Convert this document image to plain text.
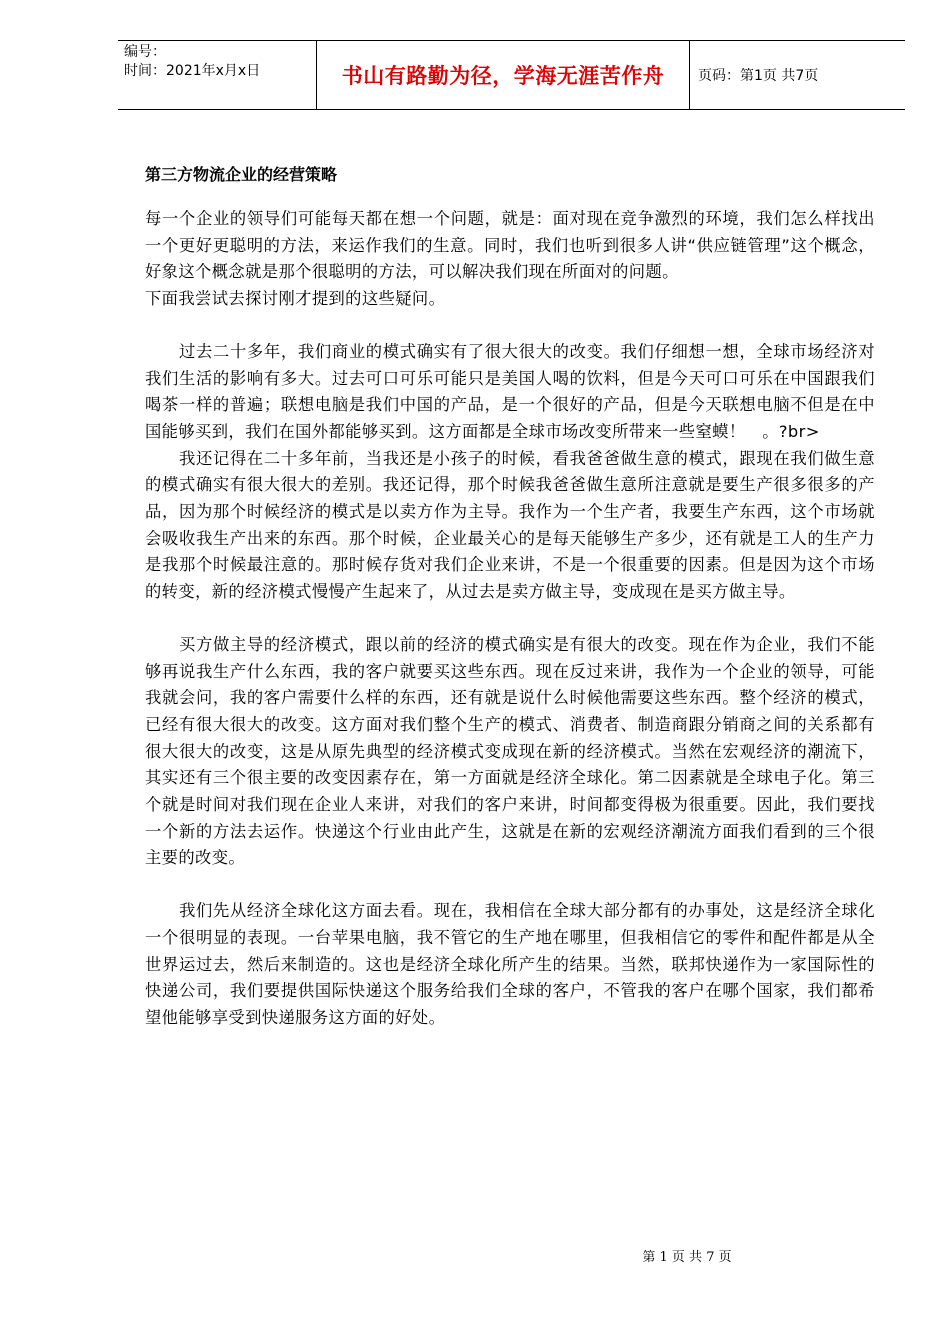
编号：
时间：2021年x月x日	书山有路勤为径，学海无涯苦作舟	页码：第1页 共7页
第三方物流企业的经营策略

每一个企业的领导们可能每天都在想一个问题，就是：面对现在竞争激烈的环境，我们怎么样找出一个更好更聪明的方法，来运作我们的生意。同时，我们也听到很多人讲“供应链管理”这个概念，好象这个概念就是那个很聪明的方法，可以解决我们现在所面对的问题。

下面我尝试去探讨刚才提到的这些疑问。

过去二十多年，我们商业的模式确实有了很大很大的改变。我们仔细想一想，全球市场经济对我们生活的影响有多大。过去可口可乐可能只是美国人喝的饮料，但是今天可口可乐在中国跟我们喝茶一样的普遍；联想电脑是我们中国的产品，是一个很好的产品，但是今天联想电脑不但是在中国能够买到，我们在国外都能够买到。这方面都是全球市场改变所带来一些窒蟆！　。?br>

我还记得在二十多年前，当我还是小孩子的时候，看我爸爸做生意的模式，跟现在我们做生意的模式确实有很大很大的差别。我还记得，那个时候我爸爸做生意所注意就是要生产很多很多的产品，因为那个时候经济的模式是以卖方作为主导。我作为一个生产者，我要生产东西，这个市场就会吸收我生产出来的东西。那个时候，企业最关心的是每天能够生产多少，还有就是工人的生产力是我那个时候最注意的。那时候存货对我们企业来讲，不是一个很重要的因素。但是因为这个市场的转变，新的经济模式慢慢产生起来了，从过去是卖方做主导，变成现在是买方做主导。

买方做主导的经济模式，跟以前的经济的模式确实是有很大的改变。现在作为企业，我们不能够再说我生产什么东西，我的客户就要买这些东西。现在反过来讲，我作为一个企业的领导，可能我就会问，我的客户需要什么样的东西，还有就是说什么时候他需要这些东西。整个经济的模式，已经有很大很大的改变。这方面对我们整个生产的模式、消费者、制造商跟分销商之间的关系都有很大很大的改变，这是从原先典型的经济模式变成现在新的经济模式。当然在宏观经济的潮流下，其实还有三个很主要的改变因素存在，第一方面就是经济全球化。第二因素就是全球电子化。第三个就是时间对我们现在企业人来讲，对我们的客户来讲，时间都变得极为很重要。因此，我们要找一个新的方法去运作。快递这个行业由此产生，这就是在新的宏观经济潮流方面我们看到的三个很主要的改变。

我们先从经济全球化这方面去看。现在，我相信在全球大部分都有的办事处，这是经济全球化一个很明显的表现。一台苹果电脑，我不管它的生产地在哪里，但我相信它的零件和配件都是从全世界运过去，然后来制造的。这也是经济全球化所产生的结果。当然，联邦快递作为一家国际性的快递公司，我们要提供国际快递这个服务给我们全球的客户，不管我的客户在哪个国家，我们都希望他能够享受到快递服务这方面的好处。

第 1 页 共 7 页
